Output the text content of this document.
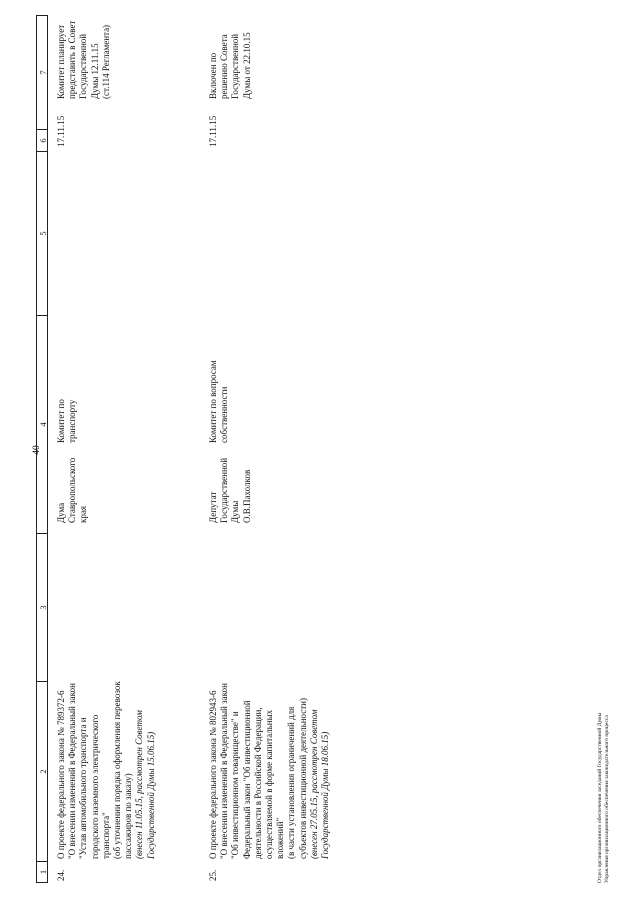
40
1
2
3
4
5
6
7
24.
О проекте федерального закона № 789372-6 "О внесении изменений в Федеральный закон "Устав автомобильного транспорта и городского наземного электрического транспорта" (об уточнении порядка оформления перевозок пассажиров по заказу) (внесен 11.05.15, рассмотрен Советом Государственной Думы 15.06.15)
Дума Ставропольского края
Комитет по транспорту
17.11.15
Комитет планирует представить в Совет Государственной Думы 12.11.15 (ст.114 Регламента)
25.
О проекте федерального закона № 802943-6 "О внесении изменений в Федеральный закон "Об инвестиционном товариществе" и Федеральный закон "Об инвестиционной деятельности в Российской Федерации, осуществляемой в форме капитальных вложений" (в части установления ограничений для субъектов инвестиционной деятельности) (внесен 27.05.15, рассмотрен Советом Государственной Думы 18.06.15)
Депутат Государственной Думы О.В.Пахолков
Комитет по вопросам собственности
17.11.15
Включен по решению Совета Государственной Думы от 22.10.15
Отдел организационного обеспечения заседаний Государственной Думы Управления организационного обеспечения законодательного процесса
